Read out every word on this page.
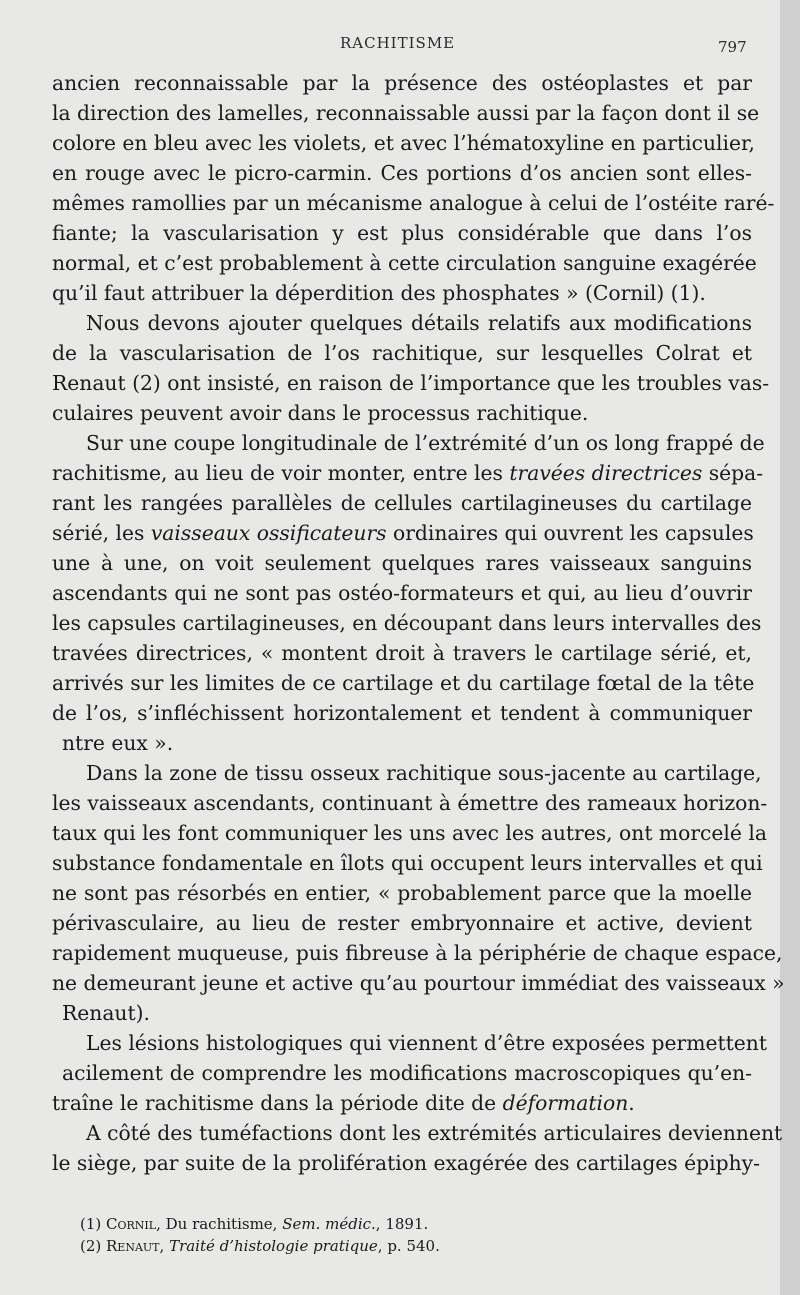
RACHITISME	797
ancien reconnaissable par la présence des ostéoplastes et par
la direction des lamelles, reconnaissable aussi par la façon dont il se
colore en bleu avec les violets, et avec l’hématoxyline en particulier,
en rouge avec le picro-carmin. Ces portions d’os ancien sont elles-
mêmes ramollies par un mécanisme analogue à celui de l’ostéite raré-
fiante; la vascularisation y est plus considérable que dans l’os
normal, et c’est probablement à cette circulation sanguine exagérée
qu’il faut attribuer la déperdition des phosphates » (Cornil) (1).
Nous devons ajouter quelques détails relatifs aux modifications
de la vascularisation de l’os rachitique, sur lesquelles Colrat et
Renaut (2) ont insisté, en raison de l’importance que les troubles vas-
culaires peuvent avoir dans le processus rachitique.
Sur une coupe longitudinale de l’extrémité d’un os long frappé de
rachitisme, au lieu de voir monter, entre les travées directrices sépa-
rant les rangées parallèles de cellules cartilagineuses du cartilage
sérié, les vaisseaux ossificateurs ordinaires qui ouvrent les capsules
une à une, on voit seulement quelques rares vaisseaux sanguins
ascendants qui ne sont pas ostéo-formateurs et qui, au lieu d’ouvrir
les capsules cartilagineuses, en découpant dans leurs intervalles des
travées directrices, « montent droit à travers le cartilage sérié, et,
arrivés sur les limites de ce cartilage et du cartilage fœtal de la tête
de l’os, s’infléchissent horizontalement et tendent à communiquer
ntre eux ».
Dans la zone de tissu osseux rachitique sous-jacente au cartilage,
les vaisseaux ascendants, continuant à émettre des rameaux horizon-
taux qui les font communiquer les uns avec les autres, ont morcelé la
substance fondamentale en îlots qui occupent leurs intervalles et qui
ne sont pas résorbés en entier, « probablement parce que la moelle
périvasculaire, au lieu de rester embryonnaire et active, devient
rapidement muqueuse, puis fibreuse à la périphérie de chaque espace,
ne demeurant jeune et active qu’au pourtour immédiat des vaisseaux »
Renaut).
Les lésions histologiques qui viennent d’être exposées permettent
acilement de comprendre les modifications macroscopiques qu’en-
traîne le rachitisme dans la période dite de déformation.
A côté des tuméfactions dont les extrémités articulaires deviennent
le siège, par suite de la prolifération exagérée des cartilages épiphy-
(1) Cornil, Du rachitisme, Sem. médic., 1891.
(2) Renaut, Traité d’histologie pratique, p. 540.
